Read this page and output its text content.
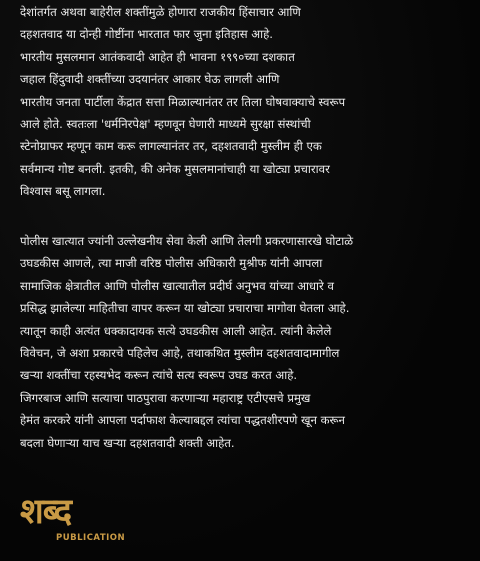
देशांतर्गत अथवा बाहेरील शक्तींमुळे होणारा राजकीय हिंसाचार आणि
दहशतवाद या दोन्ही गोष्टींना भारतात फार जुना इतिहास आहे.
भारतीय मुसलमान आतंकवादी आहेत ही भावना १९९०च्या दशकात
जहाल हिंदुवादी शक्तींच्या उदयानंतर आकार घेऊ लागली आणि
भारतीय जनता पार्टीला केंद्रात सत्ता मिळाल्यानंतर तर तिला घोषवाक्याचे स्वरूप
आले होते. स्वतःला 'धर्मनिरपेक्ष' म्हणवून घेणारी माध्यमे सुरक्षा संस्थांची
स्टेनोग्राफर म्हणून काम करू लागल्यानंतर तर, दहशतवादी मुस्लीम ही एक
सर्वमान्य गोष्ट बनली. इतकी, की अनेक मुसलमानांचाही या खोट्या प्रचारावर
विश्वास बसू लागला.
पोलीस खात्यात ज्यांनी उल्लेखनीय सेवा केली आणि तेलगी प्रकरणासारखे घोटाळे
उघडकीस आणले, त्या माजी वरिष्ठ पोलीस अधिकारी मुश्रीफ यांनी आपला
सामाजिक क्षेत्रातील आणि पोलीस खात्यातील प्रदीर्घ अनुभव यांच्या आधारे व
प्रसिद्ध झालेल्या माहितीचा वापर करून या खोट्या प्रचाराचा मागोवा घेतला आहे.
त्यातून काही अत्यंत धक्कादायक सत्ये उघडकीस आली आहेत. त्यांनी केलेले
विवेचन, जे अशा प्रकारचे पहिलेच आहे, तथाकथित मुस्लीम दहशतवादामागील
खऱ्या शक्तींचा रहस्यभेद करून त्यांचे सत्य स्वरूप उघड करत आहे.
जिगरबाज आणि सत्याचा पाठपुरावा करणाऱ्या महाराष्ट्र एटीएसचे प्रमुख
हेमंत करकरे यांनी आपला पर्दाफाश केल्याबद्दल त्यांचा पद्धतशीरपणे खून करून
बदला घेणाऱ्या याच खऱ्या दहशतवादी शक्ती आहेत.
शब्द
PUBLICATION
